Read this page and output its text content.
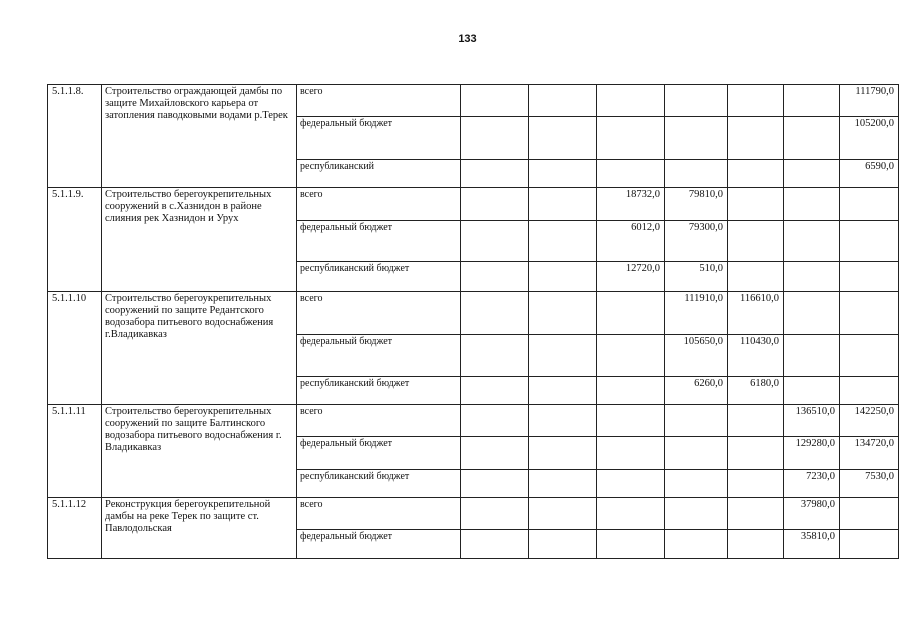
133
5.1.1.8.	Строительство ограждающей дамбы по защите Михайловского карьера от затопления паводковыми водами р.Терек	всего							111790,0
		федеральный бюджет							105200,0
		республиканский							6590,0
5.1.1.9.	Строительство берегоукрепительных сооружений в с.Хазнидон в районе слияния рек Хазнидон и Урух	всего			18732,0	79810,0			
		федеральный бюджет			6012,0	79300,0			
		республиканский бюджет			12720,0	510,0			
5.1.1.10	Строительство берегоукрепительных сооружений по защите Редантского водозабора питьевого водоснабжения г.Владикавказ	всего				111910,0	116610,0		
		федеральный бюджет				105650,0	110430,0		
		республиканский бюджет				6260,0	6180,0		
5.1.1.11	Строительство берегоукрепительных сооружений по защите Балтинского водозабора питьевого водоснабжения г. Владикавказ	всего						136510,0	142250,0
		федеральный бюджет						129280,0	134720,0
		республиканский бюджет						7230,0	7530,0
5.1.1.12	Реконструкция берегоукрепительной дамбы на реке Терек по защите ст. Павлодольская	всего						37980,0	
		федеральный бюджет						35810,0	
